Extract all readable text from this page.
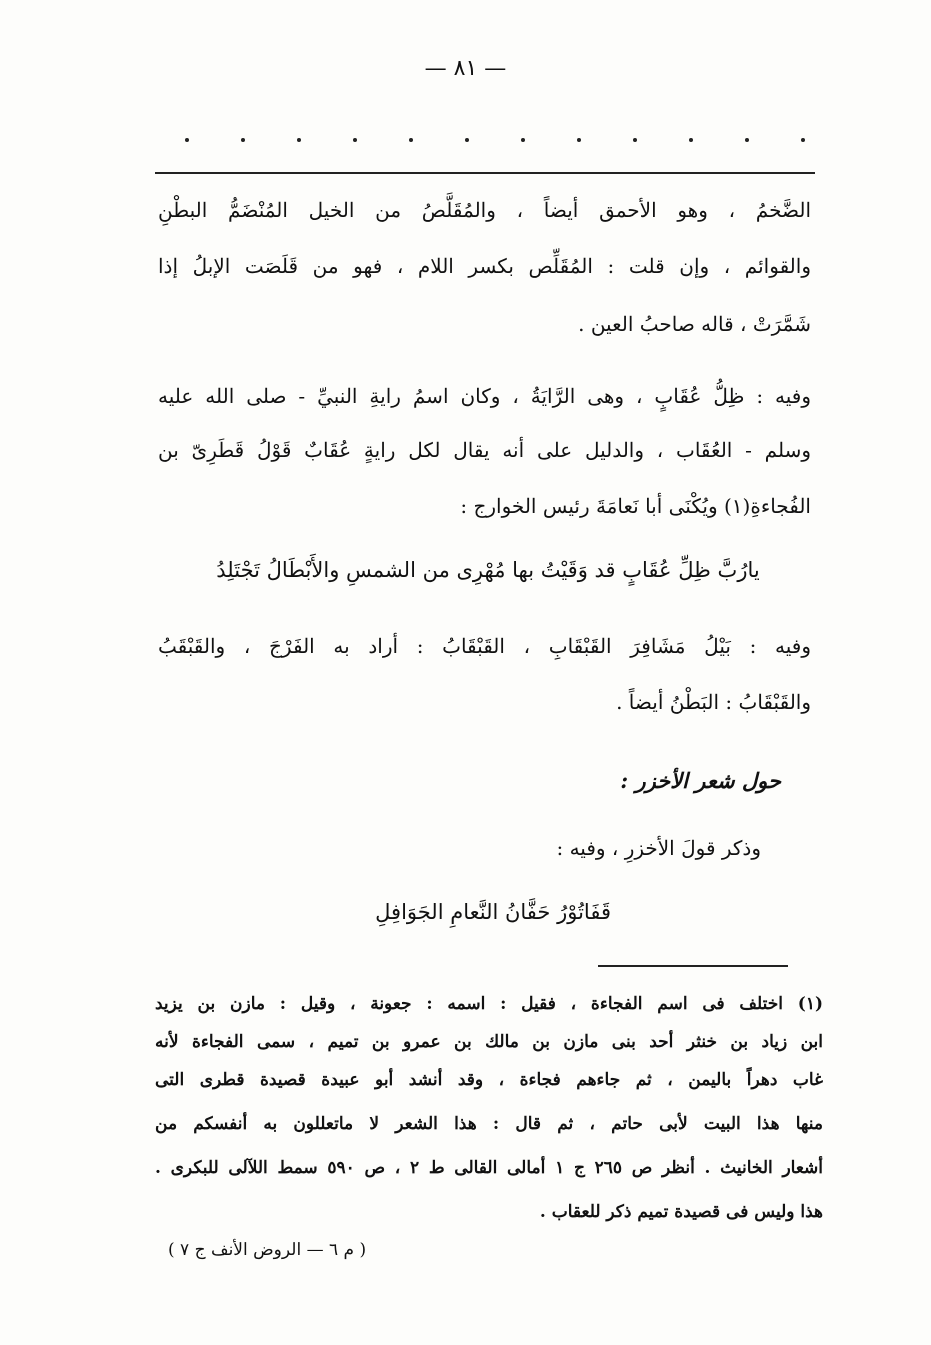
— ٨١ —
الضَّخمُ ، وهو الأحمق أيضاً ، والمُقَلَّصُ من الخيل المُنْضَمُّ البطْنِ
والقوائم ، وإن قلت : المُقَلِّص بكسر اللام ، فهو من قَلَصَت الإبلُ إذا
شَمَّرَتْ ، قاله صاحبُ العين .
وفيه : ظِلُّ عُقَابٍ ، وهى الرَّايَةُ ، وكان اسمُ رايةِ النبيِّ - صلى الله عليه
وسلم - العُقَاب ، والدليل على أنه يقال لكل رايةٍ عُقَابٌ قَوْلُ قَطَرِىّ بن
الفُجاءةِ(١) ويُكْنَى أبا نَعامَةَ رئيس الخوارج :
يارُبَّ ظِلِّ عُقَابٍ قد وَقَيْتُ بها مُهْرِى من الشمسِ والأَبْطَالُ تَجْتَلِدُ
وفيه : بَيْلُ مَشَافِرَ القَبْقَابِ ، القَبْقَابُ : أراد به الفَرْجَ ، والقَبْقَبُ
والقَبْقَابُ : البَطْنُ أيضاً .
حول شعر الأخزر :
وذكر قولَ الأخزرِ ، وفيه :
قَفَاتُوْرُ حَفَّانُ النَّعامِ الجَوَافِلِ
(١) اختلف فى اسم الفجاءة ، فقيل : اسمه : جعونة ، وقيل : مازن بن يزيد
ابن زياد بن خنثر أحد بنى مازن بن مالك بن عمرو بن تميم ، سمى الفجاءة لأنه
غاب دهراً باليمن ، ثم جاءهم فجاءة ، وقد أنشد أبو عبيدة قصيدة قطرى التى
منها هذا البيت لأبى حاتم ، ثم قال : هذا الشعر لا ماتعللون به أنفسكم من
أشعار الخانيث . أنظر ص ٢٦٥ ج ١ أمالى القالى ط ٢ ، ص ٥٩٠ سمط اللآلى للبكرى .
هذا وليس فى قصيدة تميم ذكر للعقاب .
( م ٦ — الروض الأنف ج ٧ )
